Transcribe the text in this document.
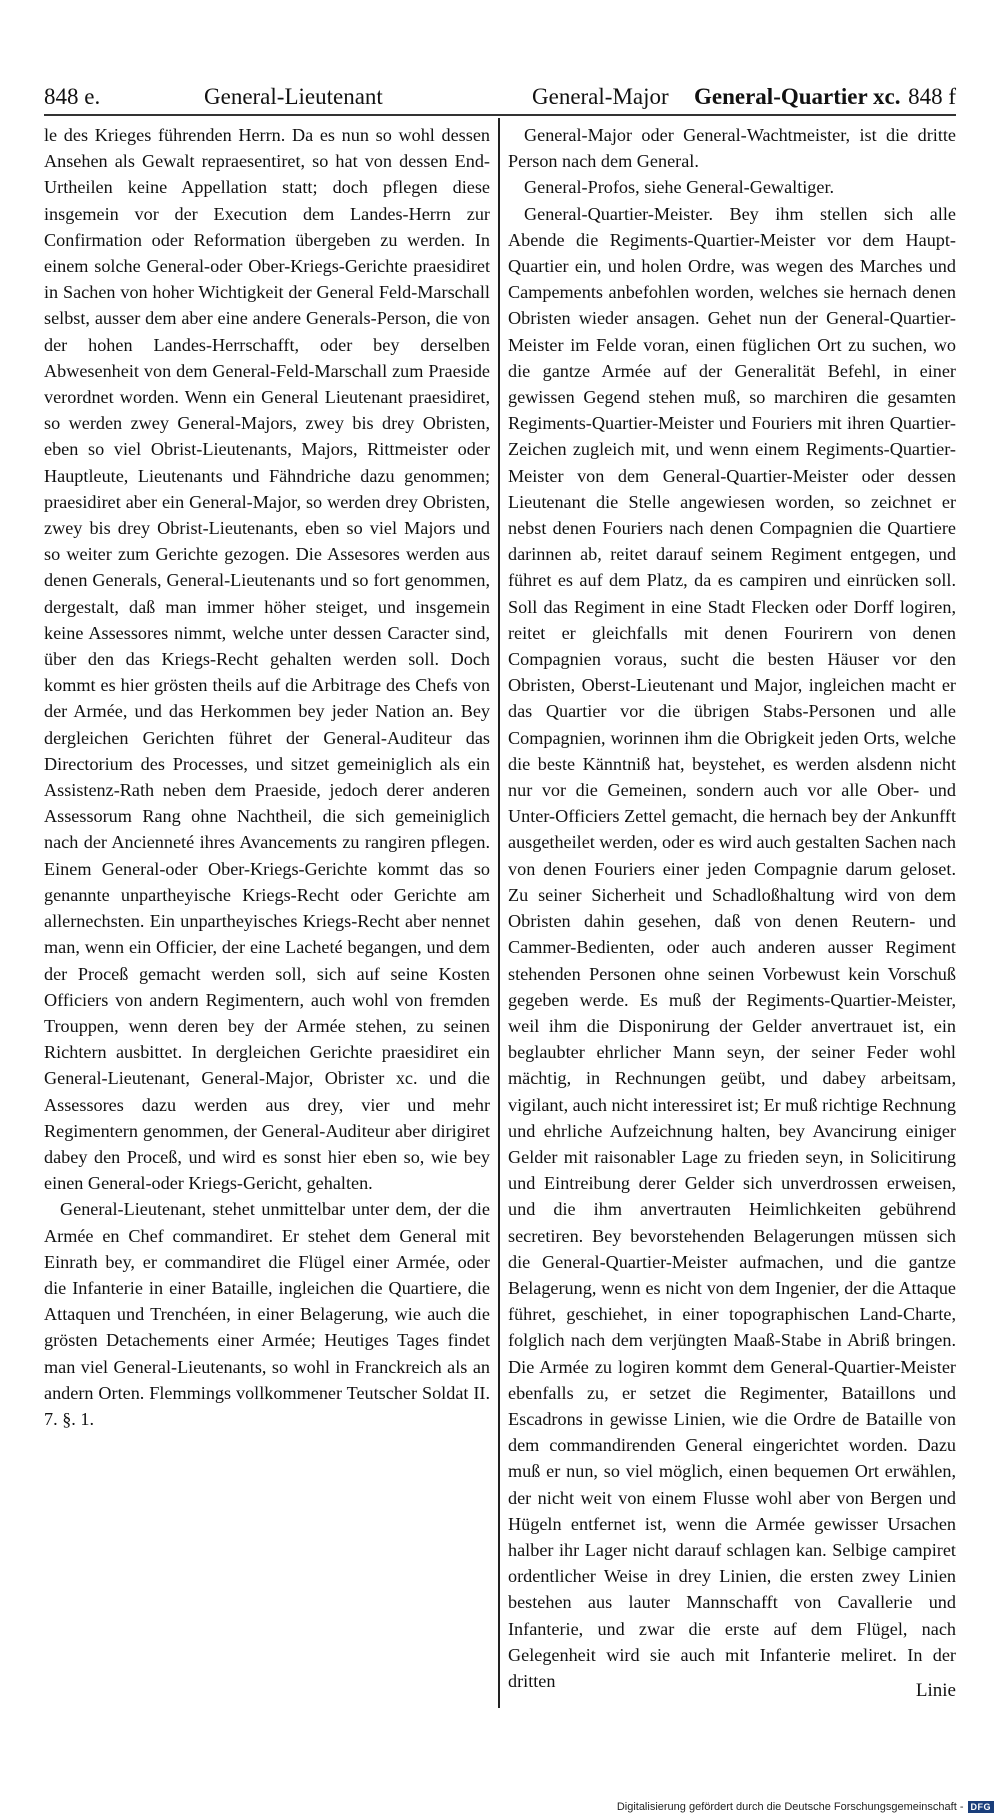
848 e.	General-Lieutenant	General-Major General-Quartier xc. 848 f

le des Krieges führenden Herrn. Da es nun so wohl dessen Ansehen als Gewalt repraesentiret, so hat von dessen End-Urtheilen keine Appellation statt; doch pflegen diese insgemein vor der Execution dem Landes-Herrn zur Confirmation oder Reformation übergeben zu werden. In einem solche General-oder Ober-Kriegs-Gerichte praesidiret in Sachen von hoher Wichtigkeit der General Feld-Marschall selbst, ausser dem aber eine andere Generals-Person, die von der hohen Landes-Herrschafft, oder bey derselben Abwesenheit von dem General-Feld-Marschall zum Praeside verordnet worden. Wenn ein General Lieutenant praesidiret, so werden zwey General-Majors, zwey bis drey Obristen, eben so viel Obrist-Lieutenants, Majors, Rittmeister oder Hauptleute, Lieutenants und Fähndriche dazu genommen; praesidiret aber ein General-Major, so werden drey Obristen, zwey bis drey Obrist-Lieutenants, eben so viel Majors und so weiter zum Gerichte gezogen. Die Assesores werden aus denen Generals, General-Lieutenants und so fort genommen, dergestalt, daß man immer höher steiget, und insgemein keine Assessores nimmt, welche unter dessen Caracter sind, über den das Kriegs-Recht gehalten werden soll. Doch kommt es hier grösten theils auf die Arbitrage des Chefs von der Armée, und das Herkommen bey jeder Nation an. Bey dergleichen Gerichten führet der General-Auditeur das Directorium des Processes, und sitzet gemeiniglich als ein Assistenz-Rath neben dem Praeside, jedoch derer anderen Assessorum Rang ohne Nachtheil, die sich gemeiniglich nach der Ancienneté ihres Avancements zu rangiren pflegen. Einem General-oder Ober-Kriegs-Gerichte kommt das so genannte unpartheyische Kriegs-Recht oder Gerichte am allernechsten. Ein unpartheyisches Kriegs-Recht aber nennet man, wenn ein Officier, der eine Lacheté begangen, und dem der Proceß gemacht werden soll, sich auf seine Kosten Officiers von andern Regimentern, auch wohl von fremden Trouppen, wenn deren bey der Armée stehen, zu seinen Richtern ausbittet. In dergleichen Gerichte praesidiret ein General-Lieutenant, General-Major, Obrister xc. und die Assessores dazu werden aus drey, vier und mehr Regimentern genommen, der General-Auditeur aber dirigiret dabey den Proceß, und wird es sonst hier eben so, wie bey einen General-oder Kriegs-Gericht, gehalten.

General-Lieutenant, stehet unmittelbar unter dem, der die Armée en Chef commandiret. Er stehet dem General mit Einrath bey, er commandiret die Flügel einer Armée, oder die Infanterie in einer Bataille, ingleichen die Quartiere, die Attaquen und Trenchéen, in einer Belagerung, wie auch die grösten Detachements einer Armée; Heutiges Tages findet man viel General-Lieutenants, so wohl in Franckreich als an andern Orten. Flemmings vollkommener Teutscher Soldat II. 7. §. 1.

General-Major oder General-Wachtmeister, ist die dritte Person nach dem General.

General-Profos, siehe General-Gewaltiger.

General-Quartier-Meister. Bey ihm stellen sich alle Abende die Regiments-Quartier-Meister vor dem Haupt-Quartier ein, und holen Ordre, was wegen des Marches und Campements anbefohlen worden, welches sie hernach denen Obristen wieder ansagen. Gehet nun der General-Quartier-Meister im Felde voran, einen füglichen Ort zu suchen, wo die gantze Armée auf der Generalität Befehl, in einer gewissen Gegend stehen muß, so marchiren die gesamten Regiments-Quartier-Meister und Fouriers mit ihren Quartier-Zeichen zugleich mit, und wenn einem Regiments-Quartier-Meister von dem General-Quartier-Meister oder dessen Lieutenant die Stelle angewiesen worden, so zeichnet er nebst denen Fouriers nach denen Compagnien die Quartiere darinnen ab, reitet darauf seinem Regiment entgegen, und führet es auf dem Platz, da es campiren und einrücken soll. Soll das Regiment in eine Stadt Flecken oder Dorff logiren, reitet er gleichfalls mit denen Fourirern von denen Compagnien voraus, sucht die besten Häuser vor den Obristen, Oberst-Lieutenant und Major, ingleichen macht er das Quartier vor die übrigen Stabs-Personen und alle Compagnien, worinnen ihm die Obrigkeit jeden Orts, welche die beste Känntniß hat, beystehet, es werden alsdenn nicht nur vor die Gemeinen, sondern auch vor alle Ober- und Unter-Officiers Zettel gemacht, die hernach bey der Ankunfft ausgetheilet werden, oder es wird auch gestalten Sachen nach von denen Fouriers einer jeden Compagnie darum geloset. Zu seiner Sicherheit und Schadloßhaltung wird von dem Obristen dahin gesehen, daß von denen Reutern- und Cammer-Bedienten, oder auch anderen ausser Regiment stehenden Personen ohne seinen Vorbewust kein Vorschuß gegeben werde. Es muß der Regiments-Quartier-Meister, weil ihm die Disponirung der Gelder anvertrauet ist, ein beglaubter ehrlicher Mann seyn, der seiner Feder wohl mächtig, in Rechnungen geübt, und dabey arbeitsam, vigilant, auch nicht interessiret ist; Er muß richtige Rechnung und ehrliche Aufzeichnung halten, bey Avancirung einiger Gelder mit raisonabler Lage zu frieden seyn, in Solicitirung und Eintreibung derer Gelder sich unverdrossen erweisen, und die ihm anvertrauten Heimlichkeiten gebührend secretiren. Bey bevorstehenden Belagerungen müssen sich die General-Quartier-Meister aufmachen, und die gantze Belagerung, wenn es nicht von dem Ingenier, der die Attaque führet, geschiehet, in einer topographischen Land-Charte, folglich nach dem verjüngten Maaß-Stabe in Abriß bringen. Die Armée zu logiren kommt dem General-Quartier-Meister ebenfalls zu, er setzet die Regimenter, Bataillons und Escadrons in gewisse Linien, wie die Ordre de Bataille von dem commandirenden General eingerichtet worden. Dazu muß er nun, so viel möglich, einen bequemen Ort erwählen, der nicht weit von einem Flusse wohl aber von Bergen und Hügeln entfernet ist, wenn die Armée gewisser Ursachen halber ihr Lager nicht darauf schlagen kan. Selbige campiret ordentlicher Weise in drey Linien, die ersten zwey Linien bestehen aus lauter Mannschafft von Cavallerie und Infanterie, und zwar die erste auf dem Flügel, nach Gelegenheit wird sie auch mit Infanterie meliret. In der dritten	Linie
Digitalisierung gefördert durch die Deutsche Forschungsgemeinschaft - DFG
